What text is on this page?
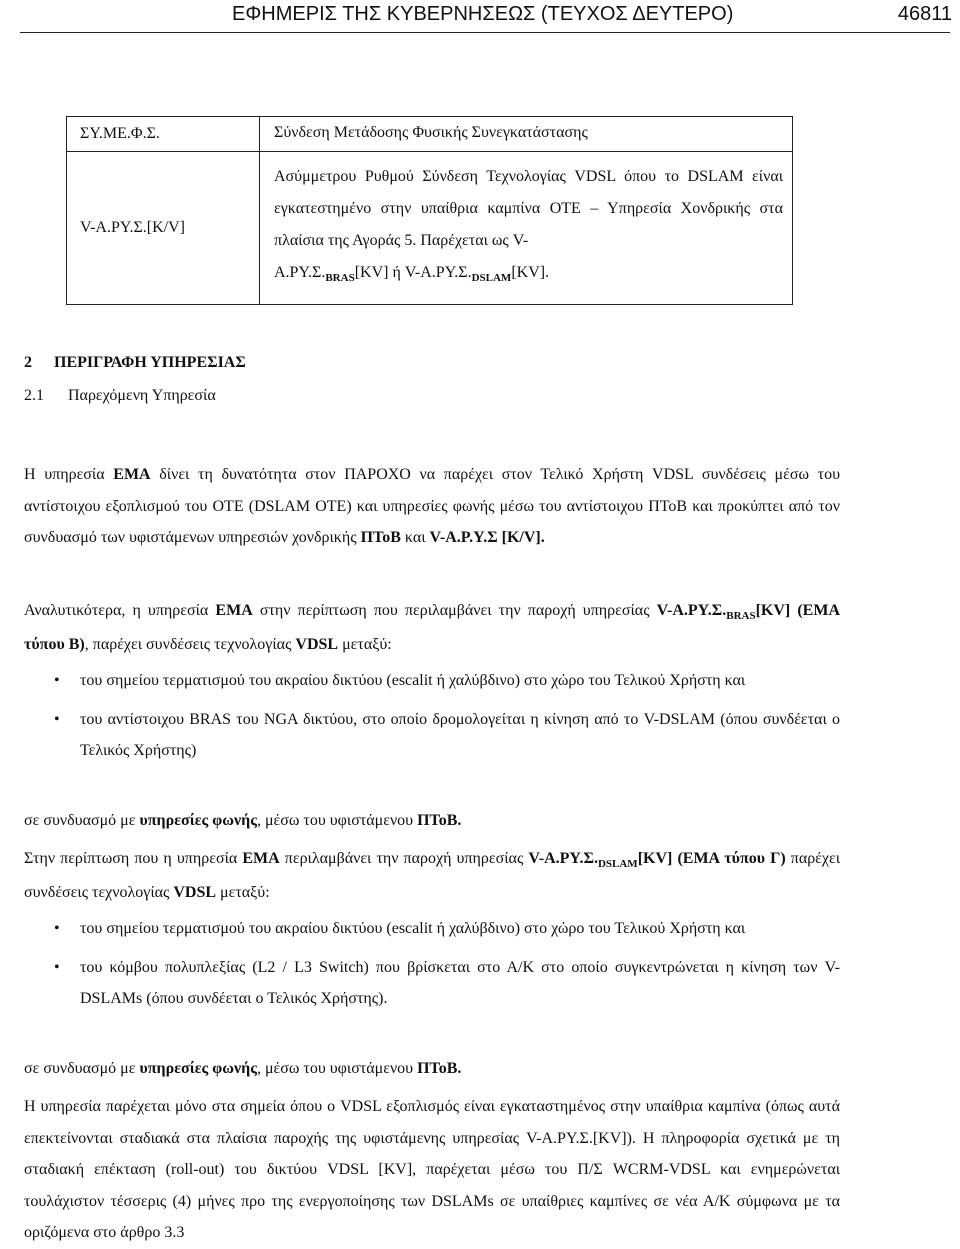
ΕΦΗΜΕΡΙΣ ΤΗΣ ΚΥΒΕΡΝΗΣΕΩΣ (ΤΕΥΧΟΣ ΔΕΥΤΕΡΟ)	46811
ΣΥ.ΜΕ.Φ.Σ.	Σύνδεση Μετάδοσης Φυσικής Συνεγκατάστασης
V-A.ΡΥ.Σ.[K/V]	Ασύμμετρου Ρυθμού Σύνδεση Τεχνολογίας VDSL όπου το DSLAM είναι εγκατεστημένο στην υπαίθρια καμπίνα ΟΤΕ – Υπηρεσία Χονδρικής στα πλαίσια της Αγοράς 5. Παρέχεται ως V-
$A.P\Upsilon.\Sigma._{BRAS}[KV]$ ή $V-A.P\Upsilon.\Sigma._{DSLAM}[KV]$.
2 ΠΕΡΙΓΡΑΦΗ ΥΠΗΡΕΣΙΑΣ
2.1 Παρεχόμενη Υπηρεσία
Η υπηρεσία ΕΜΑ δίνει τη δυνατότητα στον ΠΑΡΟΧΟ να παρέχει στον Τελικό Χρήστη VDSL συνδέσεις μέσω του αντίστοιχου εξοπλισμού του ΟΤΕ (DSLAM ΟΤΕ) και υπηρεσίες φωνής μέσω του αντίστοιχου ΠΤοΒ και προκύπτει από τον συνδυασμό των υφιστάμενων υπηρεσιών χονδρικής ΠΤοΒ και V-A.Ρ.Υ.Σ [K/V].
Αναλυτικότερα, η υπηρεσία ΕΜΑ στην περίπτωση που περιλαμβάνει την παροχή υπηρεσίας $V-A.P\Upsilon.\Sigma._{BRAS}[KV]$ (ΕΜΑ τύπου Β), παρέχει συνδέσεις τεχνολογίας VDSL μεταξύ:
• του σημείου τερματισμού του ακραίου δικτύου (escalit ή χαλύβδινο) στο χώρο του Τελικού Χρήστη και
• του αντίστοιχου BRAS του NGA δικτύου, στο οποίο δρομολογείται η κίνηση από το V-DSLAM (όπου συνδέεται ο Τελικός Χρήστης)
σε συνδυασμό με υπηρεσίες φωνής, μέσω του υφιστάμενου ΠΤοΒ.
Στην περίπτωση που η υπηρεσία ΕΜΑ περιλαμβάνει την παροχή υπηρεσίας $V-A.P\Upsilon.\Sigma._{DSLAM}[KV]$ (ΕΜΑ τύπου Γ) παρέχει συνδέσεις τεχνολογίας VDSL μεταξύ:
• του σημείου τερματισμού του ακραίου δικτύου (escalit ή χαλύβδινο) στο χώρο του Τελικού Χρήστη και
• του κόμβου πολυπλεξίας (L2 / L3 Switch) που βρίσκεται στο Α/Κ στο οποίο συγκεντρώνεται η κίνηση των V-DSLAMs (όπου συνδέεται ο Τελικός Χρήστης).
σε συνδυασμό με υπηρεσίες φωνής, μέσω του υφιστάμενου ΠΤοΒ.
Η υπηρεσία παρέχεται μόνο στα σημεία όπου ο VDSL εξοπλισμός είναι εγκαταστημένος στην υπαίθρια καμπίνα (όπως αυτά επεκτείνονται σταδιακά στα πλαίσια παροχής της υφιστάμενης υπηρεσίας V-A.ΡΥ.Σ.[KV]). Η πληροφορία σχετικά με τη σταδιακή επέκταση (roll-out) του δικτύου VDSL [KV], παρέχεται μέσω του Π/Σ WCRM-VDSL και ενημερώνεται τουλάχιστον τέσσερις (4) μήνες προ της ενεργοποίησης των DSLAMs σε υπαίθριες καμπίνες σε νέα Α/Κ σύμφωνα με τα οριζόμενα στο άρθρο 3.3
